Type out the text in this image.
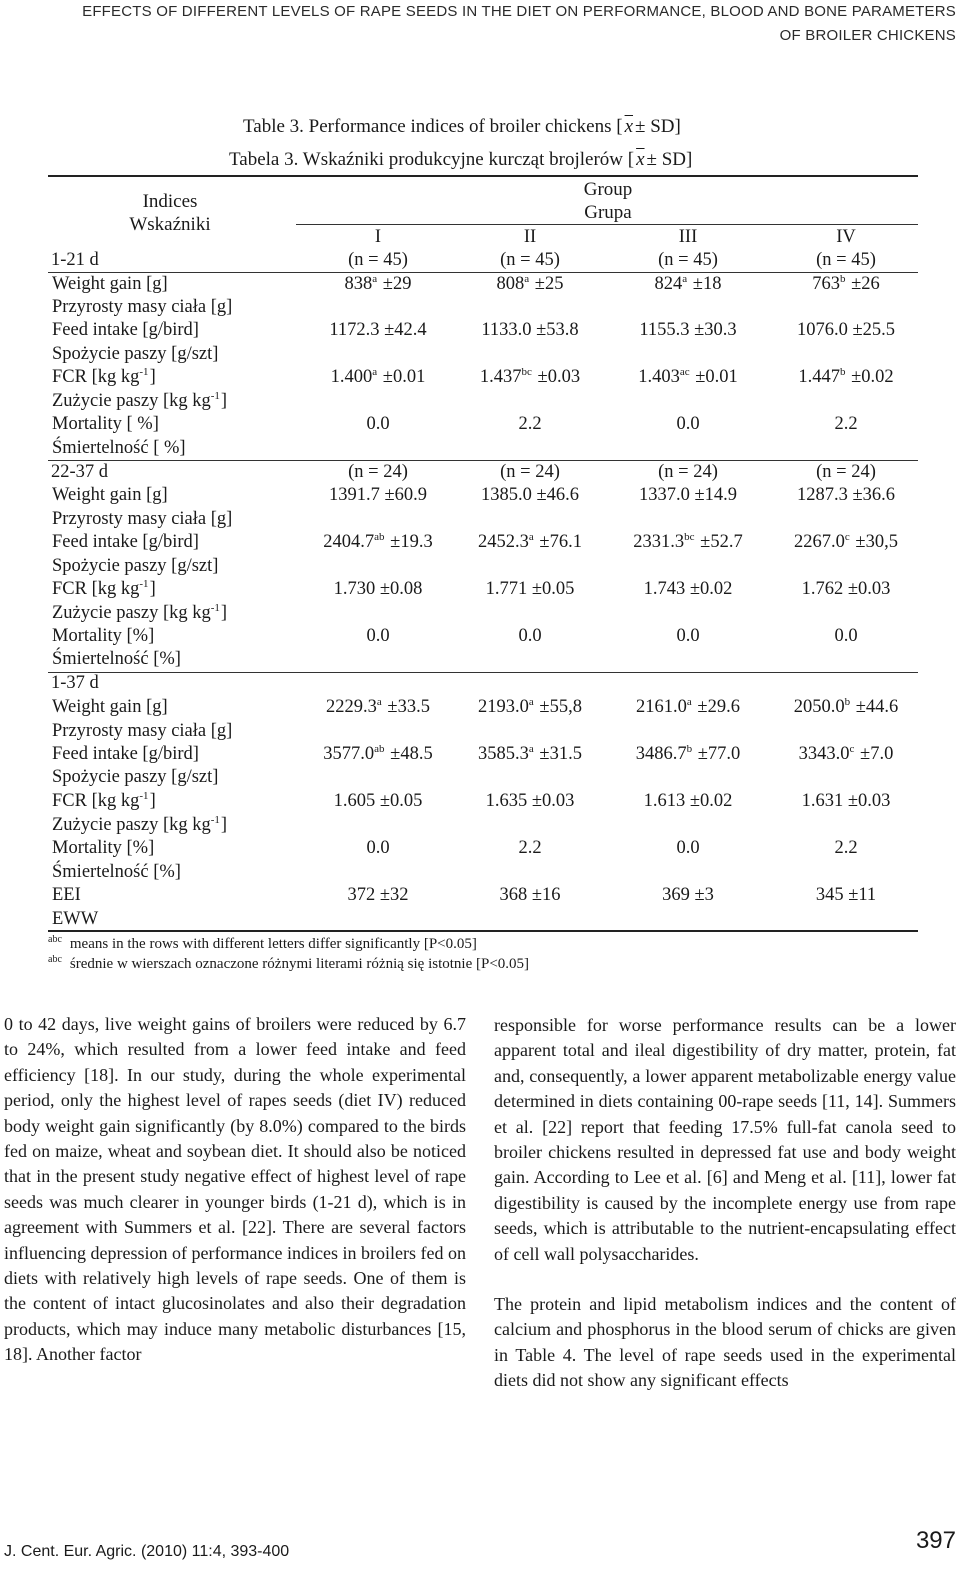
EFFECTS OF DIFFERENT LEVELS OF RAPE SEEDS IN THE DIET ON PERFORMANCE, BLOOD AND BONE PARAMETERS
OF BROILER CHICKENS
Table 3. Performance indices of broiler chickens [ $\overline{x} \pm SD$]
Tabela 3. Wskaźniki produkcyjne kurcząt brojlerów [ $\overline{x} \pm SD$]
Indices
Wskaźniki
Group
Grupa
I	II	III	IV
1-21 d	(n = 45)	(n = 45)	(n = 45)	(n = 45)
Weight gain [g]	$838^a \pm 29$	$808^a \pm 25$	$824^a \pm 18$	$763^b \pm 26$
Przyrosty masy ciała [g]
Feed intake [g/bird]	1172.3 ±42.4	1133.0 ±53.8	1155.3 ±30.3	1076.0 ±25.5
Spożycie paszy [g/szt]
FCR [kg $kg^{-1}$]	1.400$^a$ ±0.01	1.437$^{bc}$ ±0.03	1.403$^{ac}$ ±0.01	1.447$^b$ ±0.02
Zużycie paszy [kg $kg^{-1}$]
Mortality [ %]	0.0	2.2	0.0	2.2
Śmiertelność [ %]
22-37 d	(n = 24)	(n = 24)	(n = 24)	(n = 24)
Weight gain [g]	1391.7 ±60.9	1385.0 ±46.6	1337.0 ±14.9	1287.3 ±36.6
Przyrosty masy ciała [g]
Feed intake [g/bird]	2404.7$^{ab}$ ±19.3	2452.3$^a$ ±76.1	2331.3$^{bc}$ ±52.7	2267.0$^c$ ±30,5
Spożycie paszy [g/szt]
FCR [kg $kg^{-1}$]	1.730 ±0.08	1.771 ±0.05	1.743 ±0.02	1.762 ±0.03
Zużycie paszy [kg $kg^{-1}$]
Mortality [%]	0.0	0.0	0.0	0.0
Śmiertelność [%]
1-37 d
Weight gain [g]	2229.3$^a$ ±33.5	2193.0$^a$ ±55,8	2161.0$^a$ ±29.6	2050.0$^b$ ±44.6
Przyrosty masy ciała [g]
Feed intake [g/bird]	3577.0$^{ab}$ ±48.5	3585.3$^a$ ±31.5	3486.7$^b$ ±77.0	3343.0$^c$ ±7.0
Spożycie paszy [g/szt]
FCR [kg $kg^{-1}$]	1.605 ±0.05	1.635 ±0.03	1.613 ±0.02	1.631 ±0.03
Zużycie paszy [kg $kg^{-1}$]
Mortality [%]	0.0	2.2	0.0	2.2
Śmiertelność [%]
EEI	372 ±32	368 ±16	369 ±3	345 ±11
EWW
$^{abc}$ means in the rows with different letters differ significantly [P<0.05]
$^{abc}$ średnie w wierszach oznaczone różnymi literami różnią się istotnie [P<0.05]
0 to 42 days, live weight gains of broilers were reduced by 6.7 to 24%, which resulted from a lower feed intake and feed efficiency [18]. In our study, during the whole experimental period, only the highest level of rapes seeds (diet IV) reduced body weight gain significantly (by 8.0%) compared to the birds fed on maize, wheat and soybean diet. It should also be noticed that in the present study negative effect of highest level of rape seeds was much clearer in younger birds (1-21 d), which is in agreement with Summers et al. [22]. There are several factors influencing depression of performance indices in broilers fed on diets with relatively high levels of rape seeds. One of them is the content of intact glucosinolates and also their degradation products, which may induce many metabolic disturbances [15, 18]. Another factor
responsible for worse performance results can be a lower apparent total and ileal digestibility of dry matter, protein, fat and, consequently, a lower apparent metabolizable energy value determined in diets containing 00-rape seeds [11, 14]. Summers et al. [22] report that feeding 17.5% full-fat canola seed to broiler chickens resulted in depressed fat use and body weight gain. According to Lee et al. [6] and Meng et al. [11], lower fat digestibility is caused by the incomplete energy use from rape seeds, which is attributable to the nutrient-encapsulating effect of cell wall polysaccharides.
The protein and lipid metabolism indices and the content of calcium and phosphorus in the blood serum of chicks are given in Table 4. The level of rape seeds used in the experimental diets did not show any significant effects
J. Cent. Eur. Agric. (2010) 11:4, 393-400	397
